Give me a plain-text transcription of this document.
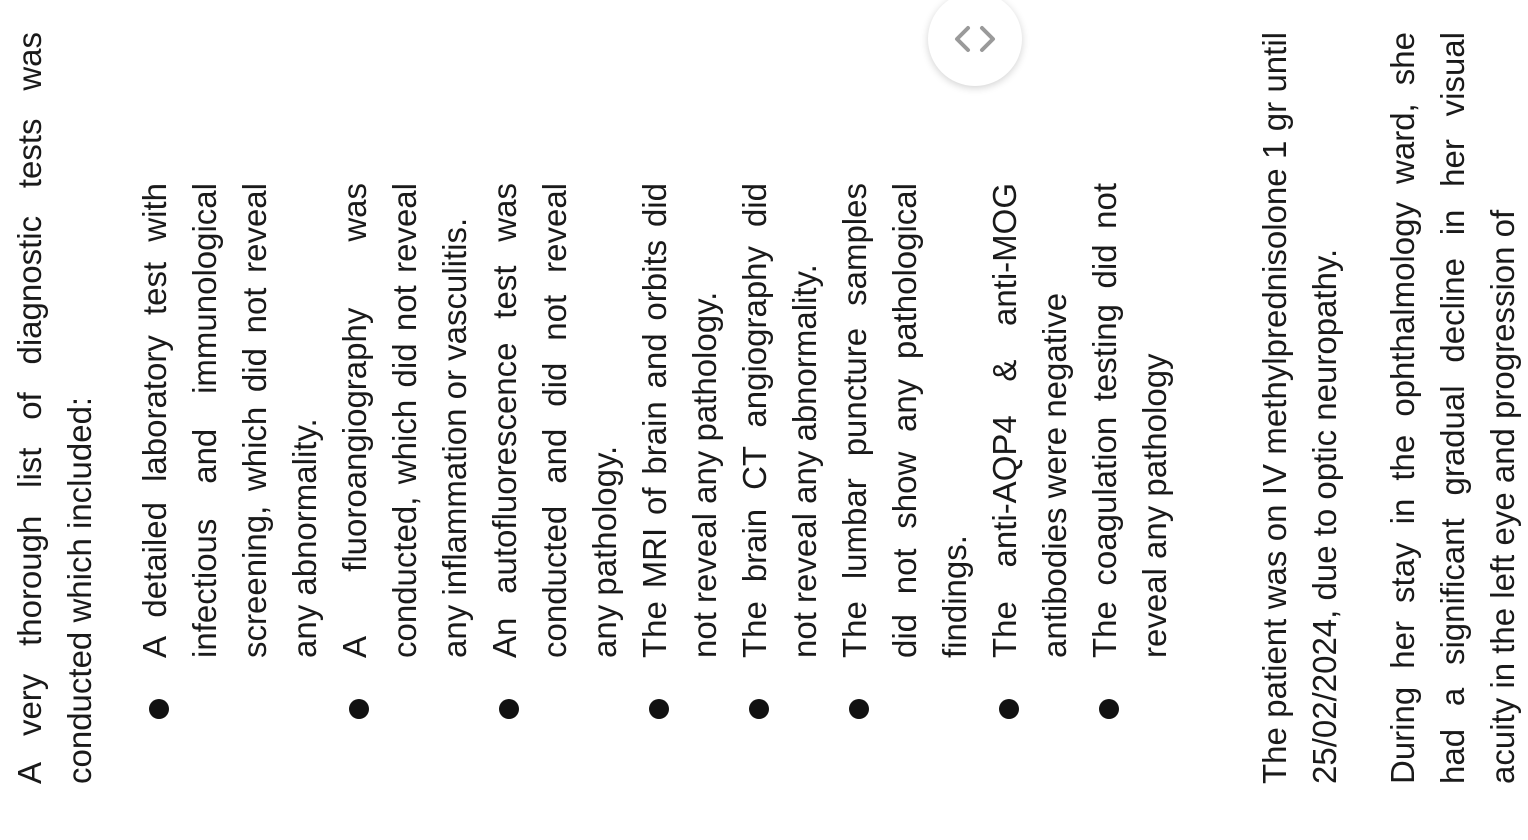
A very thorough list of diagnostic tests was conducted which included: A detailed laboratory test with infectious and immunological screening, which did not reveal any abnormality. A fluoroangiography was conducted, which did not reveal any inflammation or vasculitis. An autofluorescence test was conducted and did not reveal any pathology. The MRI of brain and orbits did not reveal any pathology. The brain CT angiography did not reveal any abnormality. The lumbar puncture samples did not show any pathological findings. The anti-AQP4 & anti-MOG antibodies were negative The coagulation testing did not reveal any pathology	The patient was on IV methylprednisolone 1 gr until 25/02/2024, due to optic neuropathy. During her stay in the ophthalmology ward, she had a significant gradual decline in her visual acuity in the left eye and progression of
